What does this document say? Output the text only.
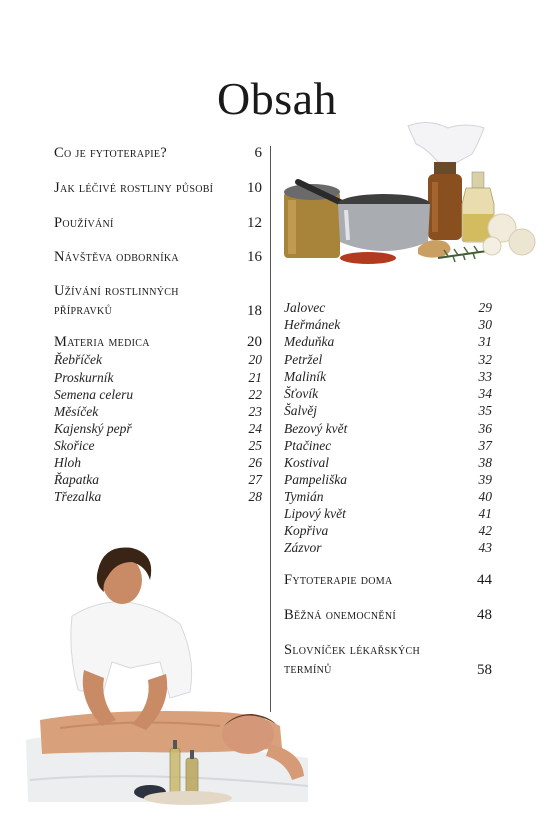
Obsah
Co je fytoterapie?	6
Jak léčivé rostliny působí 10
Používání	12
Návštěva odborníka	16
Užívání rostlinných
přípravků	18
Materia medica	20
Řebříček	20
Proskurník	21
Semena celeru	22
Měsíček	23
Kajenský pepř	24
Skořice	25
Hloh	26
Řapatka	27
Třezalka	28
Jalovec	29
Heřmánek	30
Meduňka	31
Petržel	32
Maliník	33
Šťovík	34
Šalvěj	35
Bezový květ	36
Ptačinec	37
Kostival	38
Pampeliška	39
Tymián	40
Lipový květ	41
Kopřiva	42
Zázvor	43
Fytoterapie doma	44
Běžná onemocnění	48
Slovníček lékařských
termínů	58
